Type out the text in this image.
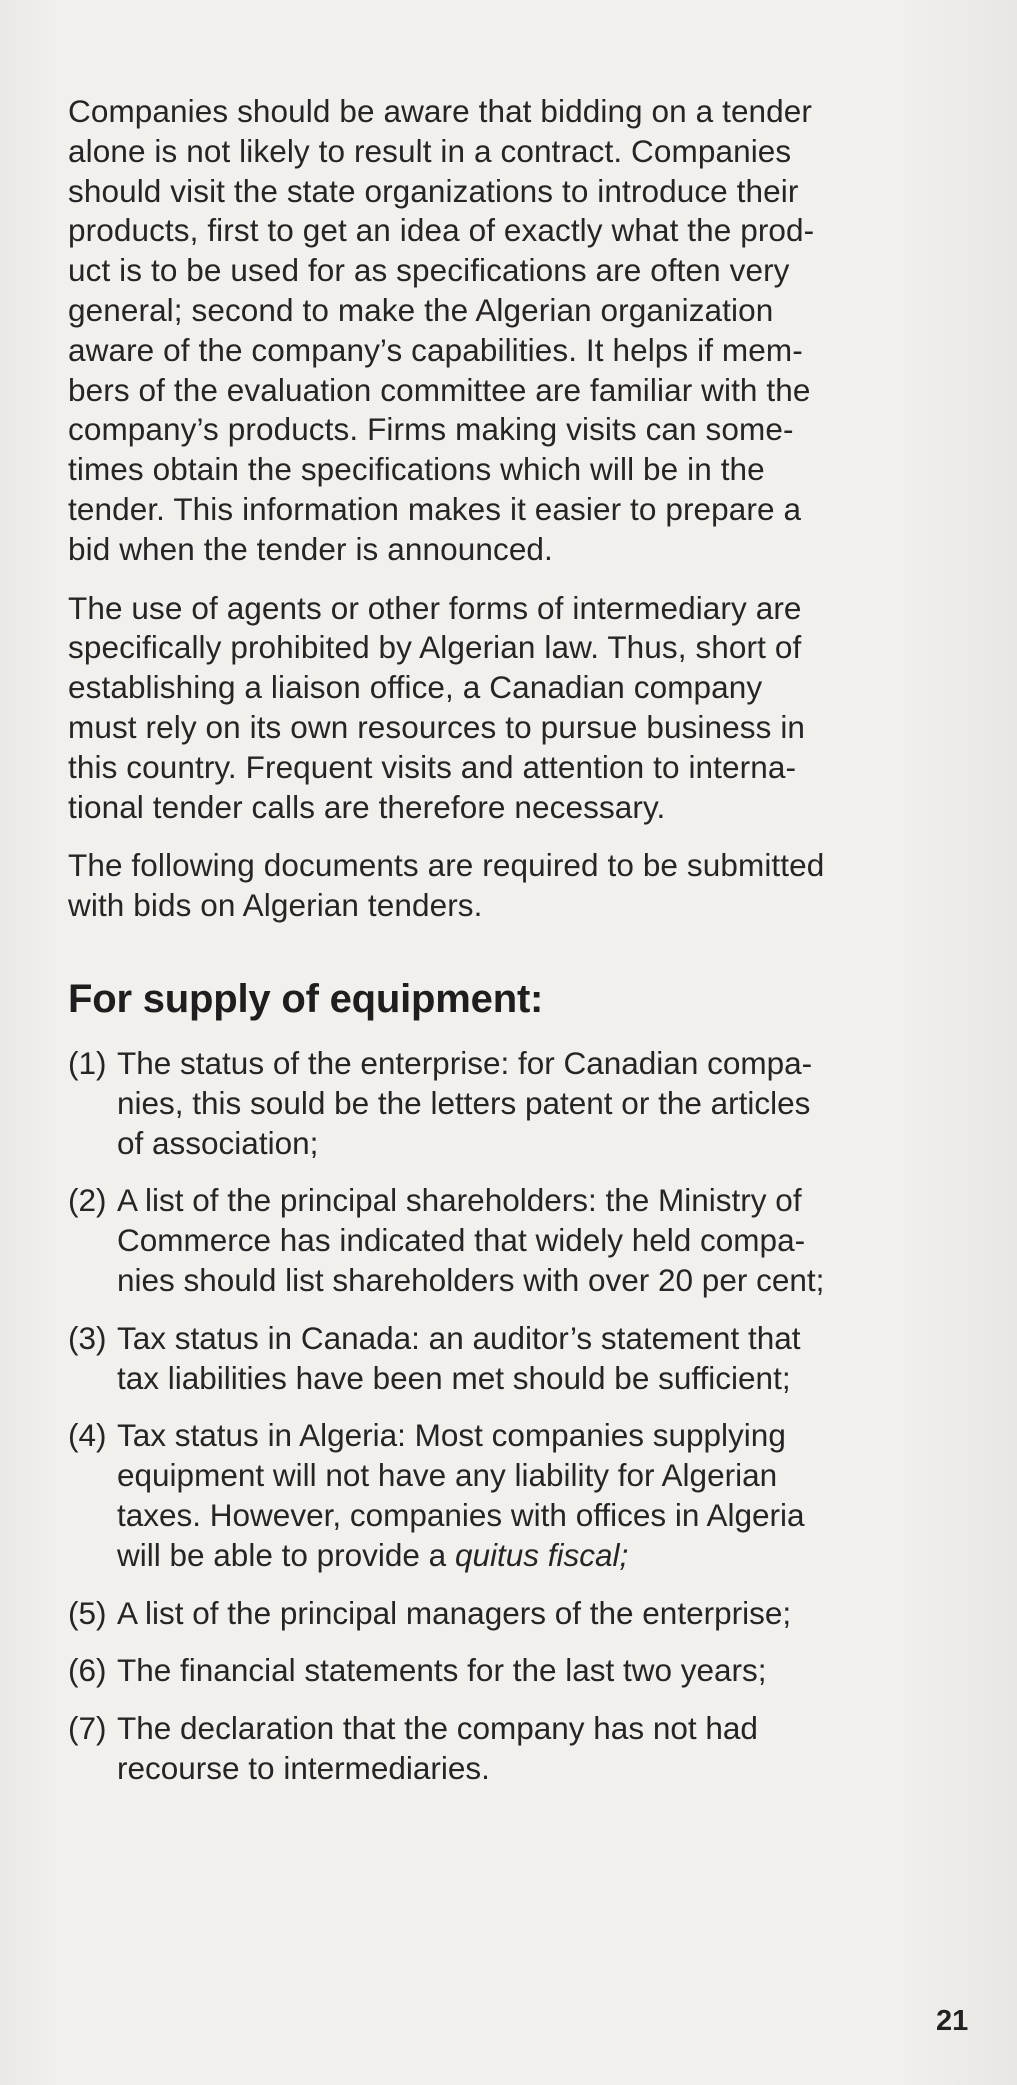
Companies should be aware that bidding on a tender
alone is not likely to result in a contract. Companies
should visit the state organizations to introduce their
products, first to get an idea of exactly what the prod-
uct is to be used for as specifications are often very
general; second to make the Algerian organization
aware of the company’s capabilities. It helps if mem-
bers of the evaluation committee are familiar with the
company’s products. Firms making visits can some-
times obtain the specifications which will be in the
tender. This information makes it easier to prepare a
bid when the tender is announced.

The use of agents or other forms of intermediary are
specifically prohibited by Algerian law. Thus, short of
establishing a liaison office, a Canadian company
must rely on its own resources to pursue business in
this country. Frequent visits and attention to interna-
tional tender calls are therefore necessary.

The following documents are required to be submitted
with bids on Algerian tenders.

For supply of equipment:
(1) The status of the enterprise: for Canadian compa-
nies, this sould be the letters patent or the articles
of association;
(2) A list of the principal shareholders: the Ministry of
Commerce has indicated that widely held compa-
nies should list shareholders with over 20 per cent;
(3) Tax status in Canada: an auditor’s statement that
tax liabilities have been met should be sufficient;
(4) Tax status in Algeria: Most companies supplying
equipment will not have any liability for Algerian
taxes. However, companies with offices in Algeria
will be able to provide a quitus fiscal;
(5) A list of the principal managers of the enterprise;
(6) The financial statements for the last two years;
(7) The declaration that the company has not had
recourse to intermediaries.
21
